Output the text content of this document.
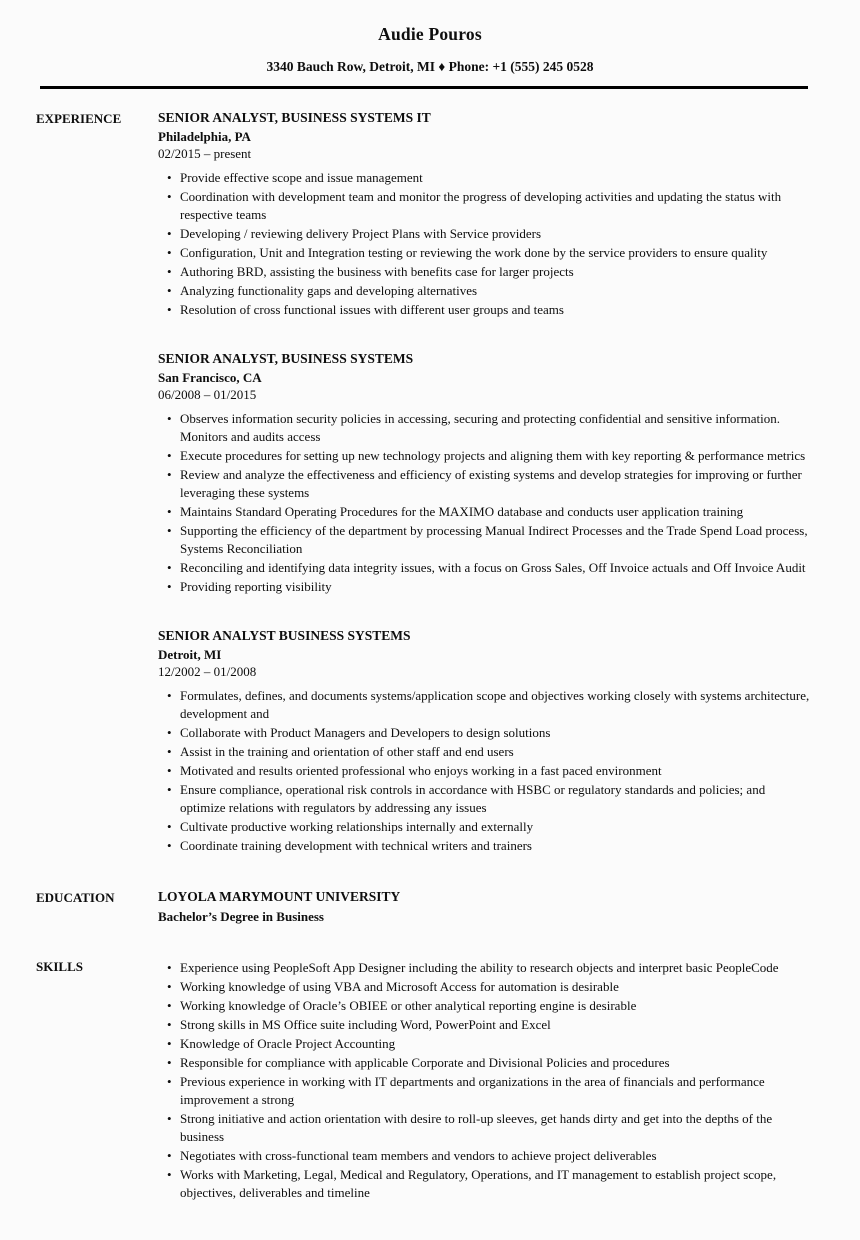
Audie Pouros
3340 Bauch Row, Detroit, MI ♦ Phone: +1 (555) 245 0528
EXPERIENCE	SENIOR ANALYST, BUSINESS SYSTEMS IT
Philadelphia, PA
02/2015 – present
• Provide effective scope and issue management
• Coordination with development team and monitor the progress of developing activities and updating the status with respective teams
• Developing / reviewing delivery Project Plans with Service providers
• Configuration, Unit and Integration testing or reviewing the work done by the service providers to ensure quality
• Authoring BRD, assisting the business with benefits case for larger projects
• Analyzing functionality gaps and developing alternatives
• Resolution of cross functional issues with different user groups and teams
SENIOR ANALYST, BUSINESS SYSTEMS
San Francisco, CA
06/2008 – 01/2015
• Observes information security policies in accessing, securing and protecting confidential and sensitive information. Monitors and audits access
• Execute procedures for setting up new technology projects and aligning them with key reporting & performance metrics
• Review and analyze the effectiveness and efficiency of existing systems and develop strategies for improving or further leveraging these systems
• Maintains Standard Operating Procedures for the MAXIMO database and conducts user application training
• Supporting the efficiency of the department by processing Manual Indirect Processes and the Trade Spend Load process, Systems Reconciliation
• Reconciling and identifying data integrity issues, with a focus on Gross Sales, Off Invoice actuals and Off Invoice Audit
• Providing reporting visibility
SENIOR ANALYST BUSINESS SYSTEMS
Detroit, MI
12/2002 – 01/2008
• Formulates, defines, and documents systems/application scope and objectives working closely with systems architecture, development and
• Collaborate with Product Managers and Developers to design solutions
• Assist in the training and orientation of other staff and end users
• Motivated and results oriented professional who enjoys working in a fast paced environment
• Ensure compliance, operational risk controls in accordance with HSBC or regulatory standards and policies; and optimize relations with regulators by addressing any issues
• Cultivate productive working relationships internally and externally
• Coordinate training development with technical writers and trainers
EDUCATION	LOYOLA MARYMOUNT UNIVERSITY
Bachelor’s Degree in Business
SKILLS	• Experience using PeopleSoft App Designer including the ability to research objects and interpret basic PeopleCode
• Working knowledge of using VBA and Microsoft Access for automation is desirable
• Working knowledge of Oracle’s OBIEE or other analytical reporting engine is desirable
• Strong skills in MS Office suite including Word, PowerPoint and Excel
• Knowledge of Oracle Project Accounting
• Responsible for compliance with applicable Corporate and Divisional Policies and procedures
• Previous experience in working with IT departments and organizations in the area of financials and performance improvement a strong
• Strong initiative and action orientation with desire to roll-up sleeves, get hands dirty and get into the depths of the business
• Negotiates with cross-functional team members and vendors to achieve project deliverables
• Works with Marketing, Legal, Medical and Regulatory, Operations, and IT management to establish project scope, objectives, deliverables and timeline
